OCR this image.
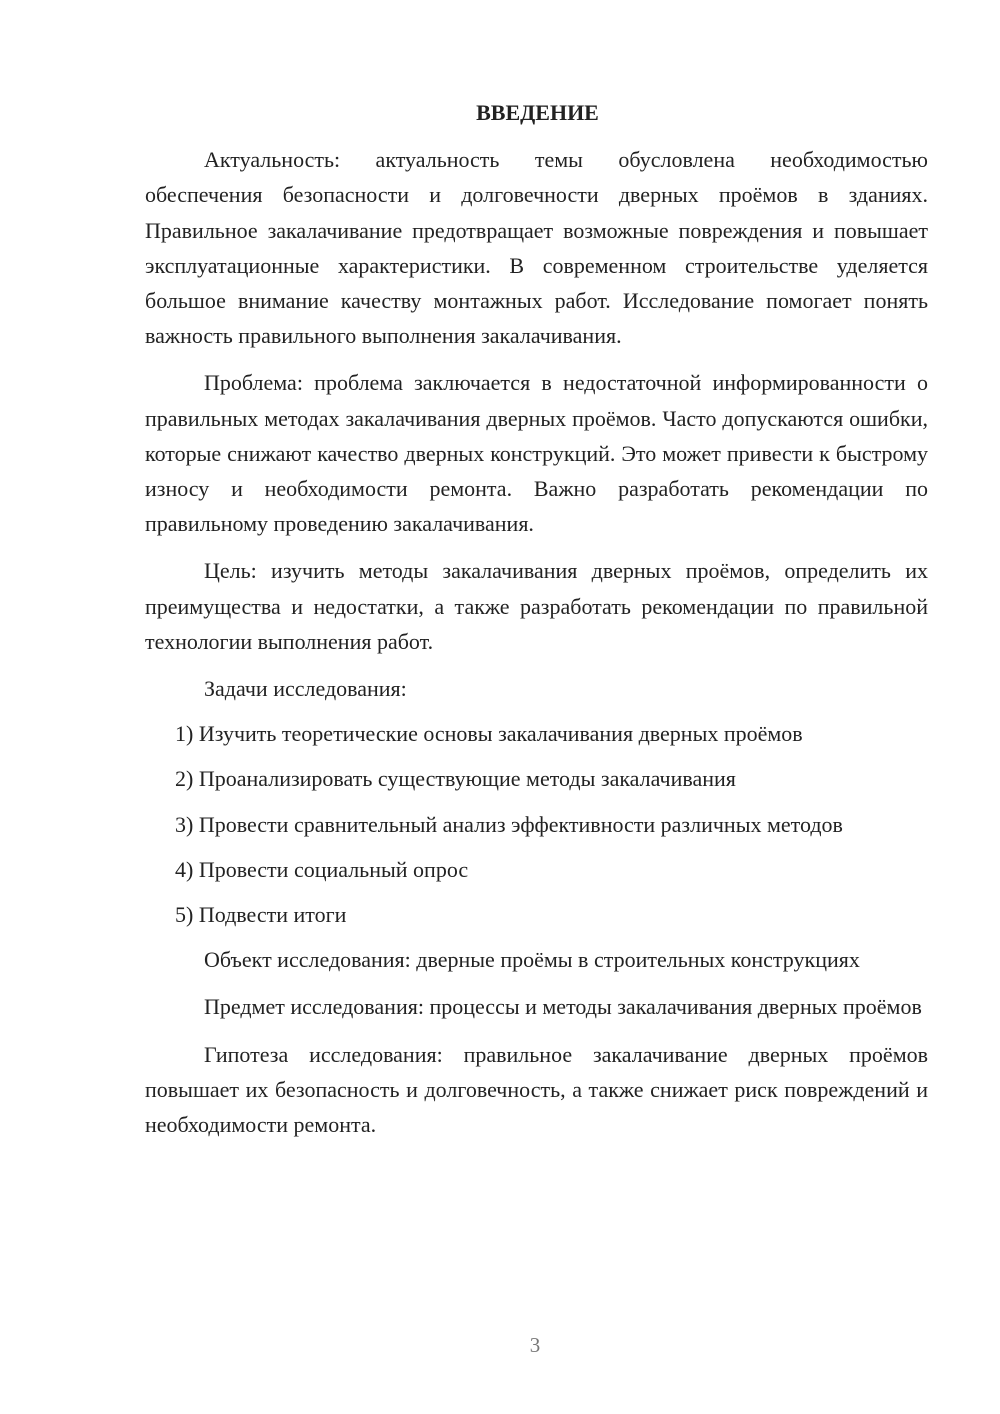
ВВЕДЕНИЕ

Актуальность: актуальность темы обусловлена необходимостью обеспечения безопасности и долговечности дверных проёмов в зданиях. Правильное закалачивание предотвращает возможные повреждения и повышает эксплуатационные характеристики. В современном строительстве уделяется большое внимание качеству монтажных работ. Исследование помогает понять важность правильного выполнения закалачивания.

Проблема: проблема заключается в недостаточной информированности о правильных методах закалачивания дверных проёмов. Часто допускаются ошибки, которые снижают качество дверных конструкций. Это может привести к быстрому износу и необходимости ремонта. Важно разработать рекомендации по правильному проведению закалачивания.

Цель: изучить методы закалачивания дверных проёмов, определить их преимущества и недостатки, а также разработать рекомендации по правильной технологии выполнения работ.

Задачи исследования:

1) Изучить теоретические основы закалачивания дверных проёмов
2) Проанализировать существующие методы закалачивания
3) Провести сравнительный анализ эффективности различных методов
4) Провести социальный опрос
5) Подвести итоги

Объект исследования: дверные проёмы в строительных конструкциях

Предмет исследования: процессы и методы закалачивания дверных проёмов

Гипотеза исследования: правильное закалачивание дверных проёмов повышает их безопасность и долговечность, а также снижает риск повреждений и необходимости ремонта.

3
